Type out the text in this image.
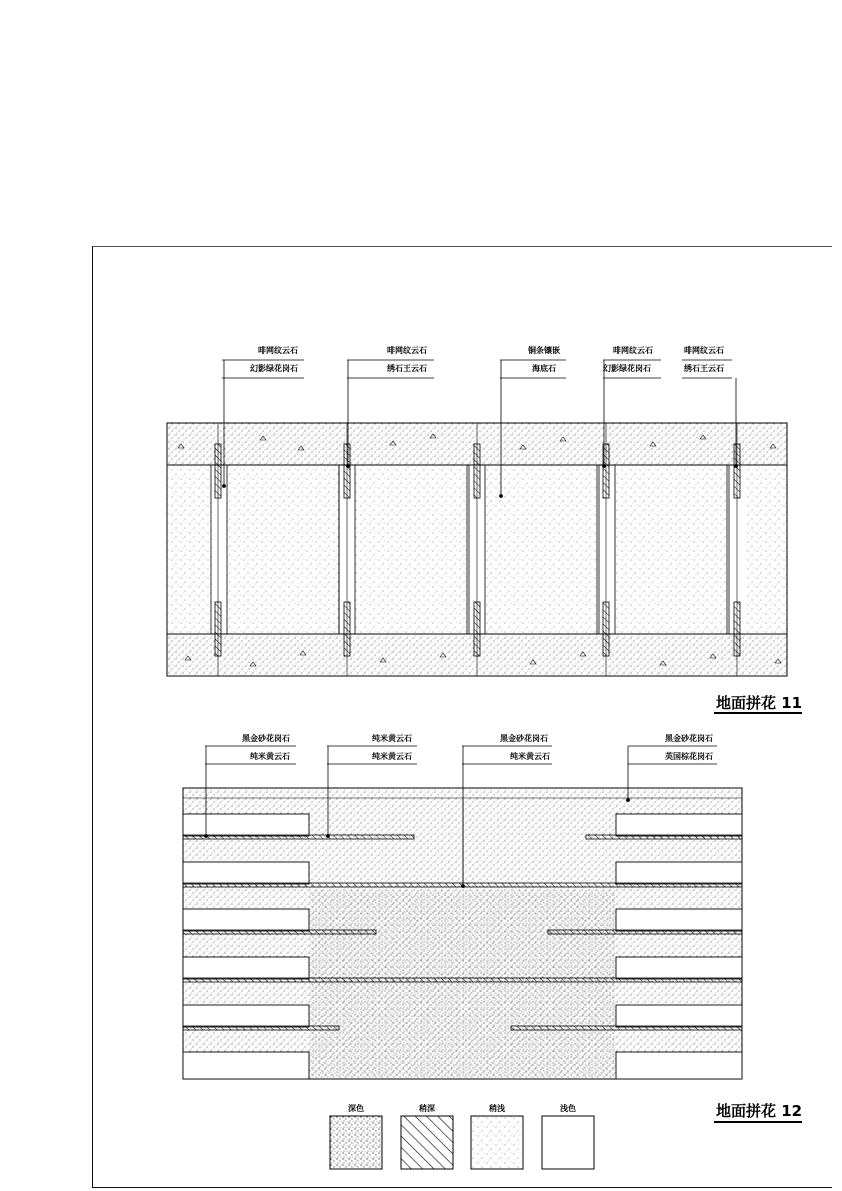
啡网纹云石
幻影绿花岗石
啡网纹云石
绣石王云石
铜条镶嵌
海底石
啡网纹云石
幻影绿花岗石
啡网纹云石
绣石王云石
地面拼花 11
黑金砂花岗石
纯米黄云石
纯米黄云石
纯米黄云石
黑金砂花岗石
纯米黄云石
黑金砂花岗石
英国棕花岗石
地面拼花 12
深色	稍深	稍浅	浅色
